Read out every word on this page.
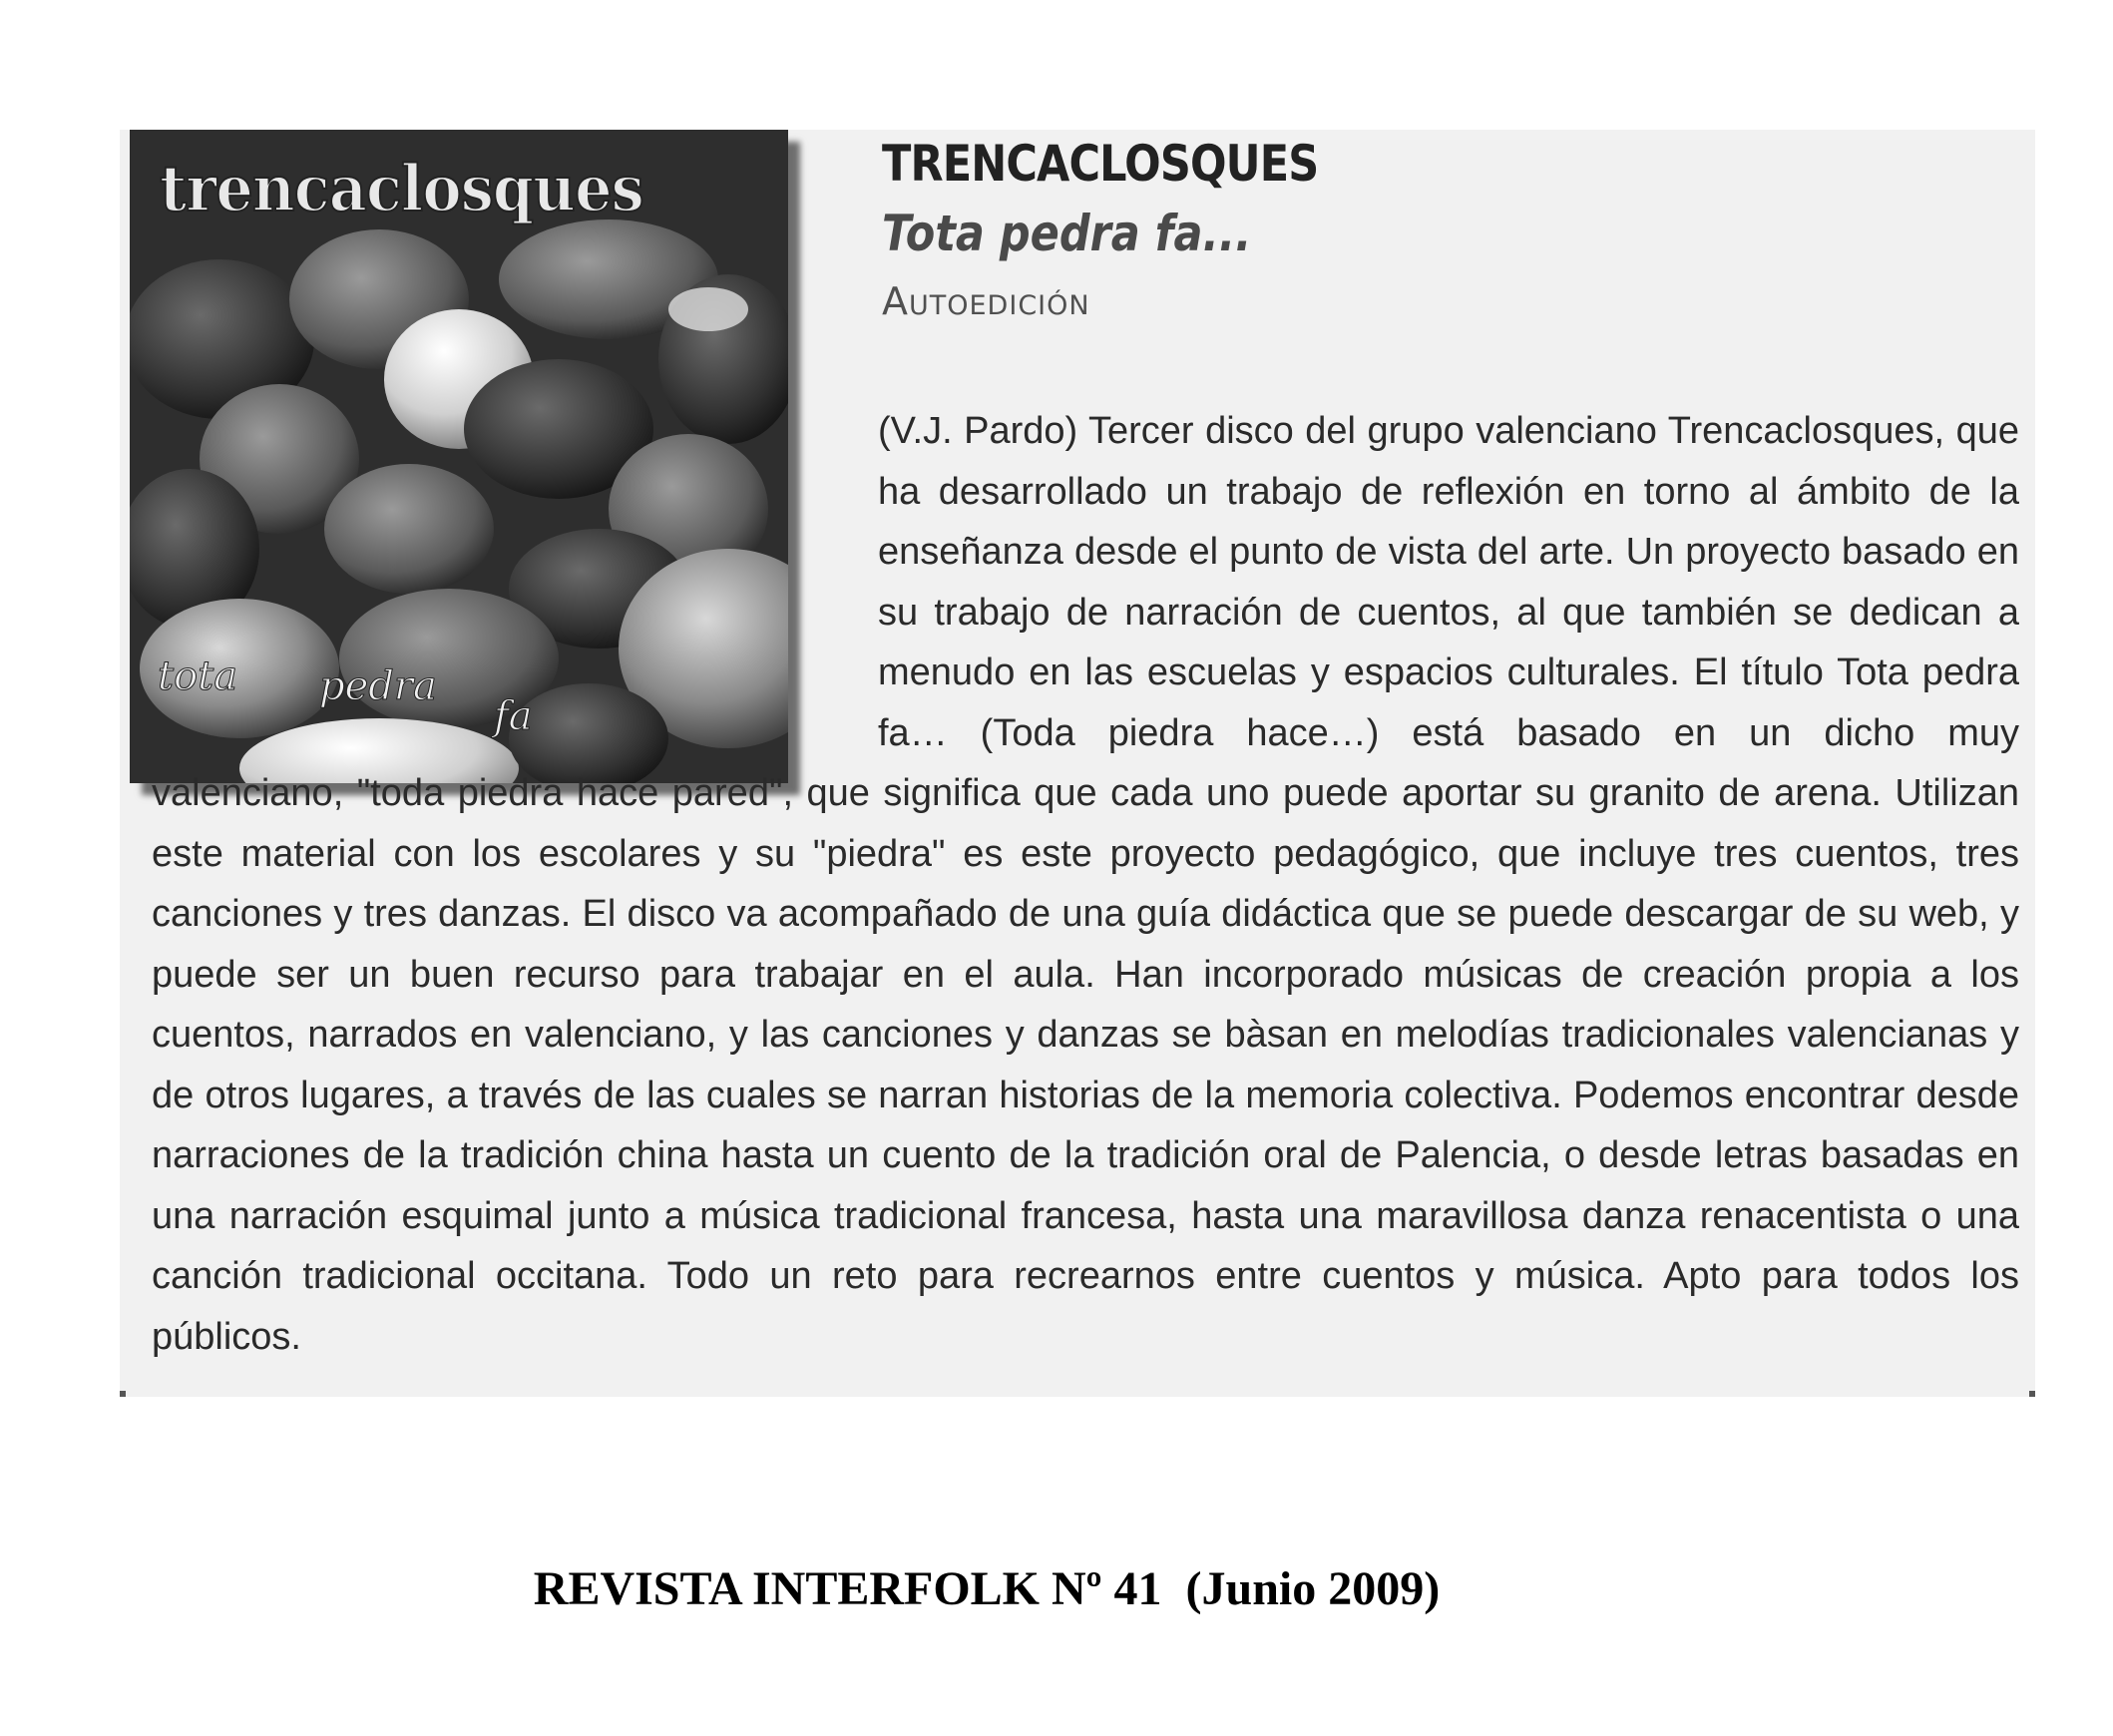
trencaclosques
tota pedra
fa
TRENCACLOSQUES
Tota pedra fa...
Autoedición

(V.J. Pardo) Tercer disco del grupo valenciano Trencaclosques, que ha desarrollado un trabajo de reflexión en torno al ámbito de la enseñanza desde el punto de vista del arte. Un proyecto basado en su trabajo de narración de cuentos, al que también se dedican a menudo en las escuelas y espacios culturales. El título Tota pedra fa… (Toda piedra hace…) está basado en un dicho muy valenciano, "toda piedra hace pared", que significa que cada uno puede aportar su granito de arena. Utilizan este material con los escolares y su "piedra" es este proyecto pedagógico, que incluye tres cuentos, tres canciones y tres danzas. El disco va acompañado de una guía didáctica que se puede descargar de su web, y puede ser un buen recurso para trabajar en el aula. Han incorporado músicas de creación propia a los cuentos, narrados en valenciano, y las canciones y danzas se bàsan en melodías tradicionales valencianas y de otros lugares, a través de las cuales se narran historias de la memoria colectiva. Podemos encontrar desde narraciones de la tradición china hasta un cuento de la tradición oral de Palencia, o desde letras basadas en una narración esquimal junto a música tradicional francesa, hasta una maravillosa danza renacentista o una canción tradicional occitana. Todo un reto para recrearnos entre cuentos y música. Apto para todos los públicos.

REVISTA INTERFOLK Nº 41  (Junio 2009)
